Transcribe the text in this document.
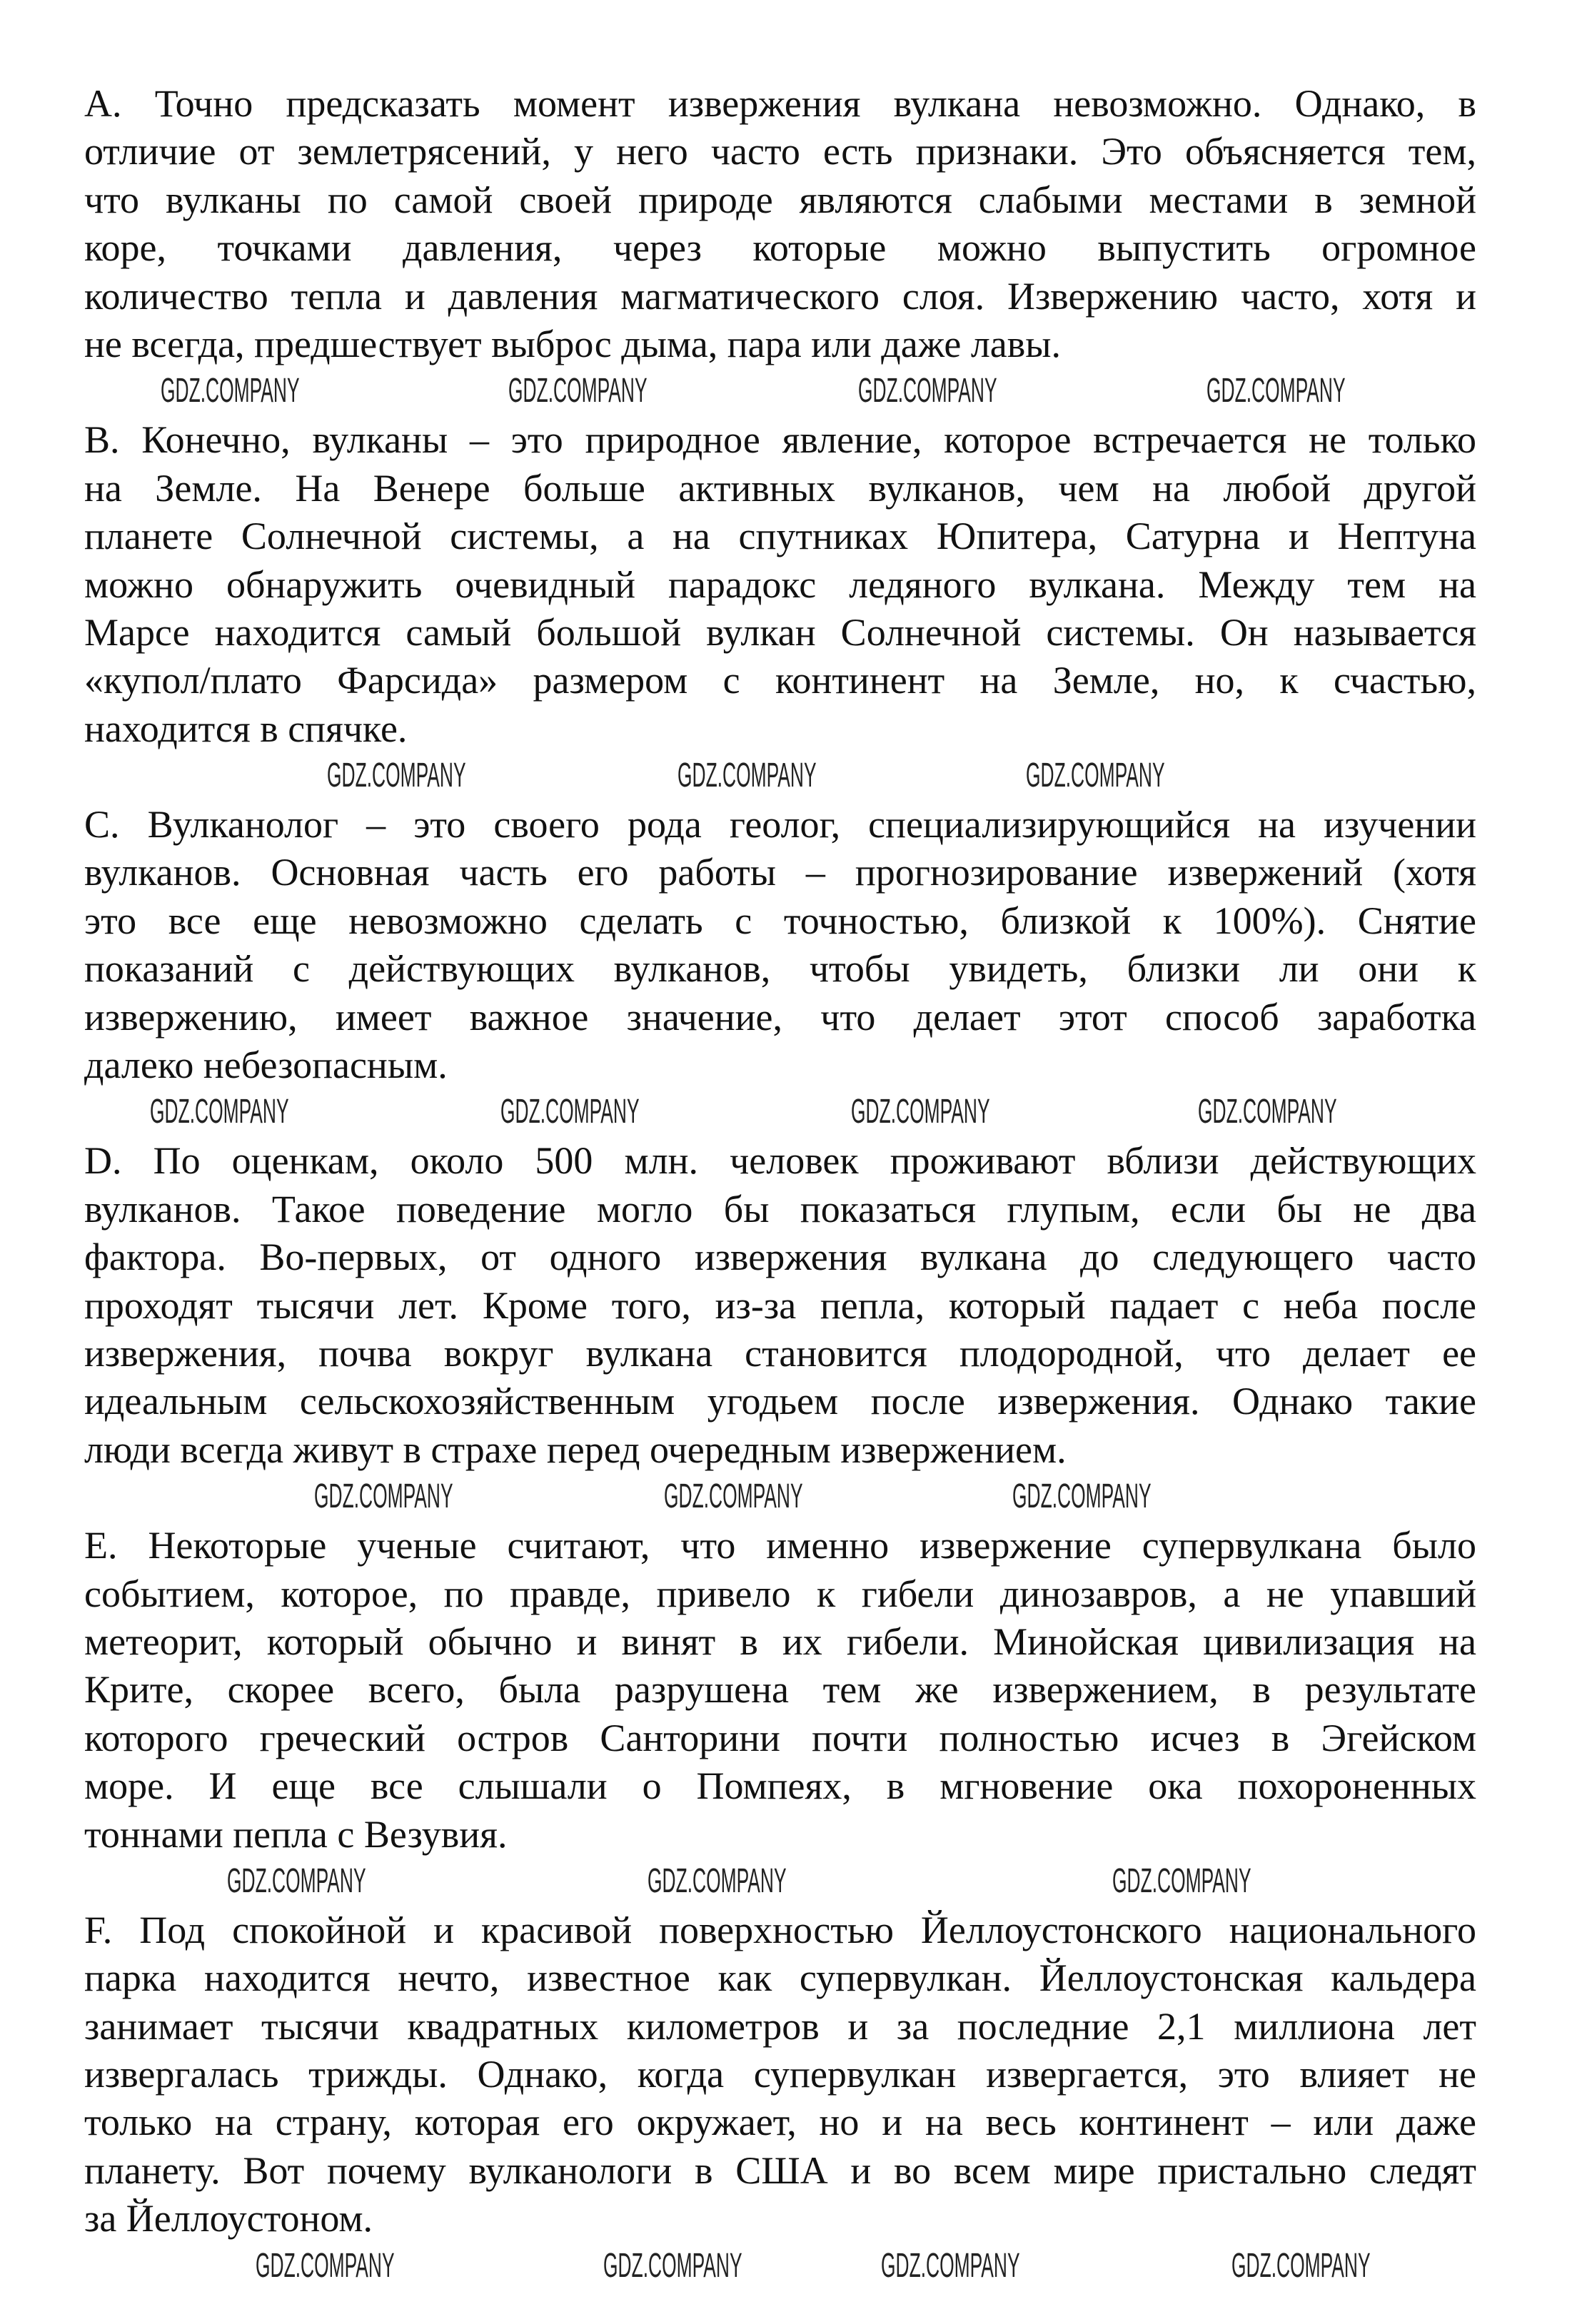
А. Точно предсказать момент извержения вулкана невозможно. Однако, в
отличие от землетрясений, у него часто есть признаки. Это объясняется тем,
что вулканы по самой своей природе являются слабыми местами в земной
коре, точками давления, через которые можно выпустить огромное
количество тепла и давления магматического слоя. Извержению часто, хотя и
не всегда, предшествует выброс дыма, пара или даже лавы.
GDZ.COMPANY	GDZ.COMPANY	GDZ.COMPANY	GDZ.COMPANY
B. Конечно, вулканы – это природное явление, которое встречается не только
на Земле. На Венере больше активных вулканов, чем на любой другой
планете Солнечной системы, а на спутниках Юпитера, Сатурна и Нептуна
можно обнаружить очевидный парадокс ледяного вулкана. Между тем на
Марсе находится самый большой вулкан Солнечной системы. Он называется
«купол/плато Фарсида» размером с континент на Земле, но, к счастью,
находится в спячке.
GDZ.COMPANY	GDZ.COMPANY	GDZ.COMPANY
C. Вулканолог – это своего рода геолог, специализирующийся на изучении
вулканов. Основная часть его работы – прогнозирование извержений (хотя
это все еще невозможно сделать с точностью, близкой к 100%). Снятие
показаний с действующих вулканов, чтобы увидеть, близки ли они к
извержению, имеет важное значение, что делает этот способ заработка
далеко небезопасным.
GDZ.COMPANY	GDZ.COMPANY	GDZ.COMPANY	GDZ.COMPANY
D. По оценкам, около 500 млн. человек проживают вблизи действующих
вулканов. Такое поведение могло бы показаться глупым, если бы не два
фактора. Во-первых, от одного извержения вулкана до следующего часто
проходят тысячи лет. Кроме того, из-за пепла, который падает с неба после
извержения, почва вокруг вулкана становится плодородной, что делает ее
идеальным сельскохозяйственным угодьем после извержения. Однако такие
люди всегда живут в страхе перед очередным извержением.
GDZ.COMPANY	GDZ.COMPANY	GDZ.COMPANY
E. Некоторые ученые считают, что именно извержение супервулкана было
событием, которое, по правде, привело к гибели динозавров, а не упавший
метеорит, который обычно и винят в их гибели. Минойская цивилизация на
Крите, скорее всего, была разрушена тем же извержением, в результате
которого греческий остров Санторини почти полностью исчез в Эгейском
море. И еще все слышали о Помпеях, в мгновение ока похороненных
тоннами пепла с Везувия.
GDZ.COMPANY	GDZ.COMPANY	GDZ.COMPANY
F. Под спокойной и красивой поверхностью Йеллоустонского национального
парка находится нечто, известное как супервулкан. Йеллоустонская кальдера
занимает тысячи квадратных километров и за последние 2,1 миллиона лет
извергалась трижды. Однако, когда супервулкан извергается, это влияет не
только на страну, которая его окружает, но и на весь континент – или даже
планету. Вот почему вулканологи в США и во всем мире пристально следят
за Йеллоустоном.
GDZ.COMPANY	GDZ.COMPANY	GDZ.COMPANY	GDZ.COMPANY
